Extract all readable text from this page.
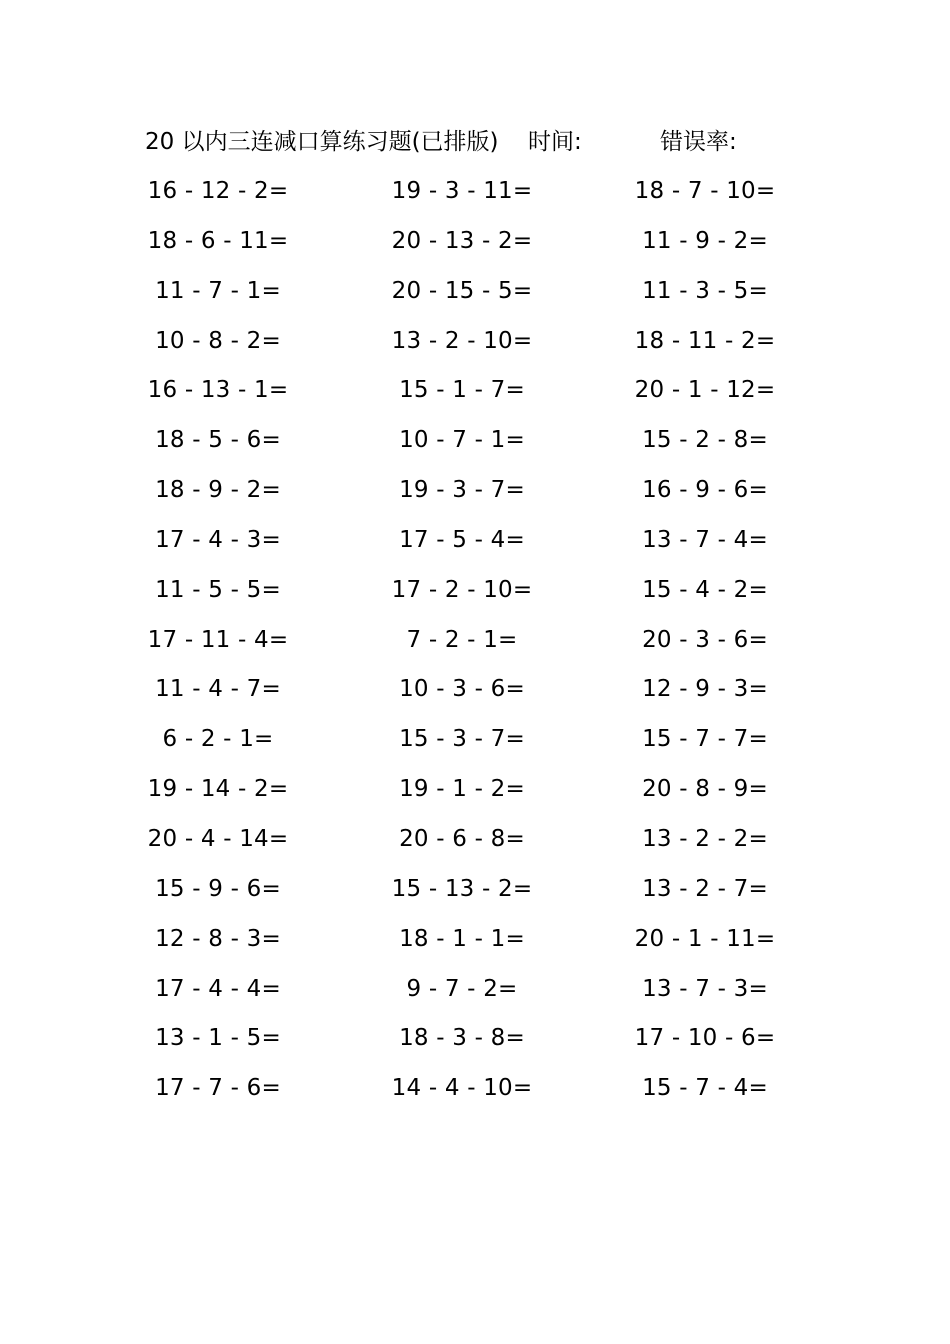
20 以内三连减口算练习题(已排版) 时间:	错误率:
16 - 12 - 2=
18 - 6 - 11=
11 - 7 - 1=
10 - 8 - 2=
16 - 13 - 1=
18 - 5 - 6=
18 - 9 - 2=
17 - 4 - 3=
11 - 5 - 5=
17 - 11 - 4=
11 - 4 - 7=
6 - 2 - 1=
19 - 14 - 2=
20 - 4 - 14=
15 - 9 - 6=
12 - 8 - 3=
17 - 4 - 4=
13 - 1 - 5=
17 - 7 - 6=
19 - 3 - 11=
20 - 13 - 2=
20 - 15 - 5=
13 - 2 - 10=
15 - 1 - 7=
10 - 7 - 1=
19 - 3 - 7=
17 - 5 - 4=
17 - 2 - 10=
7 - 2 - 1=
10 - 3 - 6=
15 - 3 - 7=
19 - 1 - 2=
20 - 6 - 8=
15 - 13 - 2=
18 - 1 - 1=
9 - 7 - 2=
18 - 3 - 8=
14 - 4 - 10=
18 - 7 - 10=
11 - 9 - 2=
11 - 3 - 5=
18 - 11 - 2=
20 - 1 - 12=
15 - 2 - 8=
16 - 9 - 6=
13 - 7 - 4=
15 - 4 - 2=
20 - 3 - 6=
12 - 9 - 3=
15 - 7 - 7=
20 - 8 - 9=
13 - 2 - 2=
13 - 2 - 7=
20 - 1 - 11=
13 - 7 - 3=
17 - 10 - 6=
15 - 7 - 4=
